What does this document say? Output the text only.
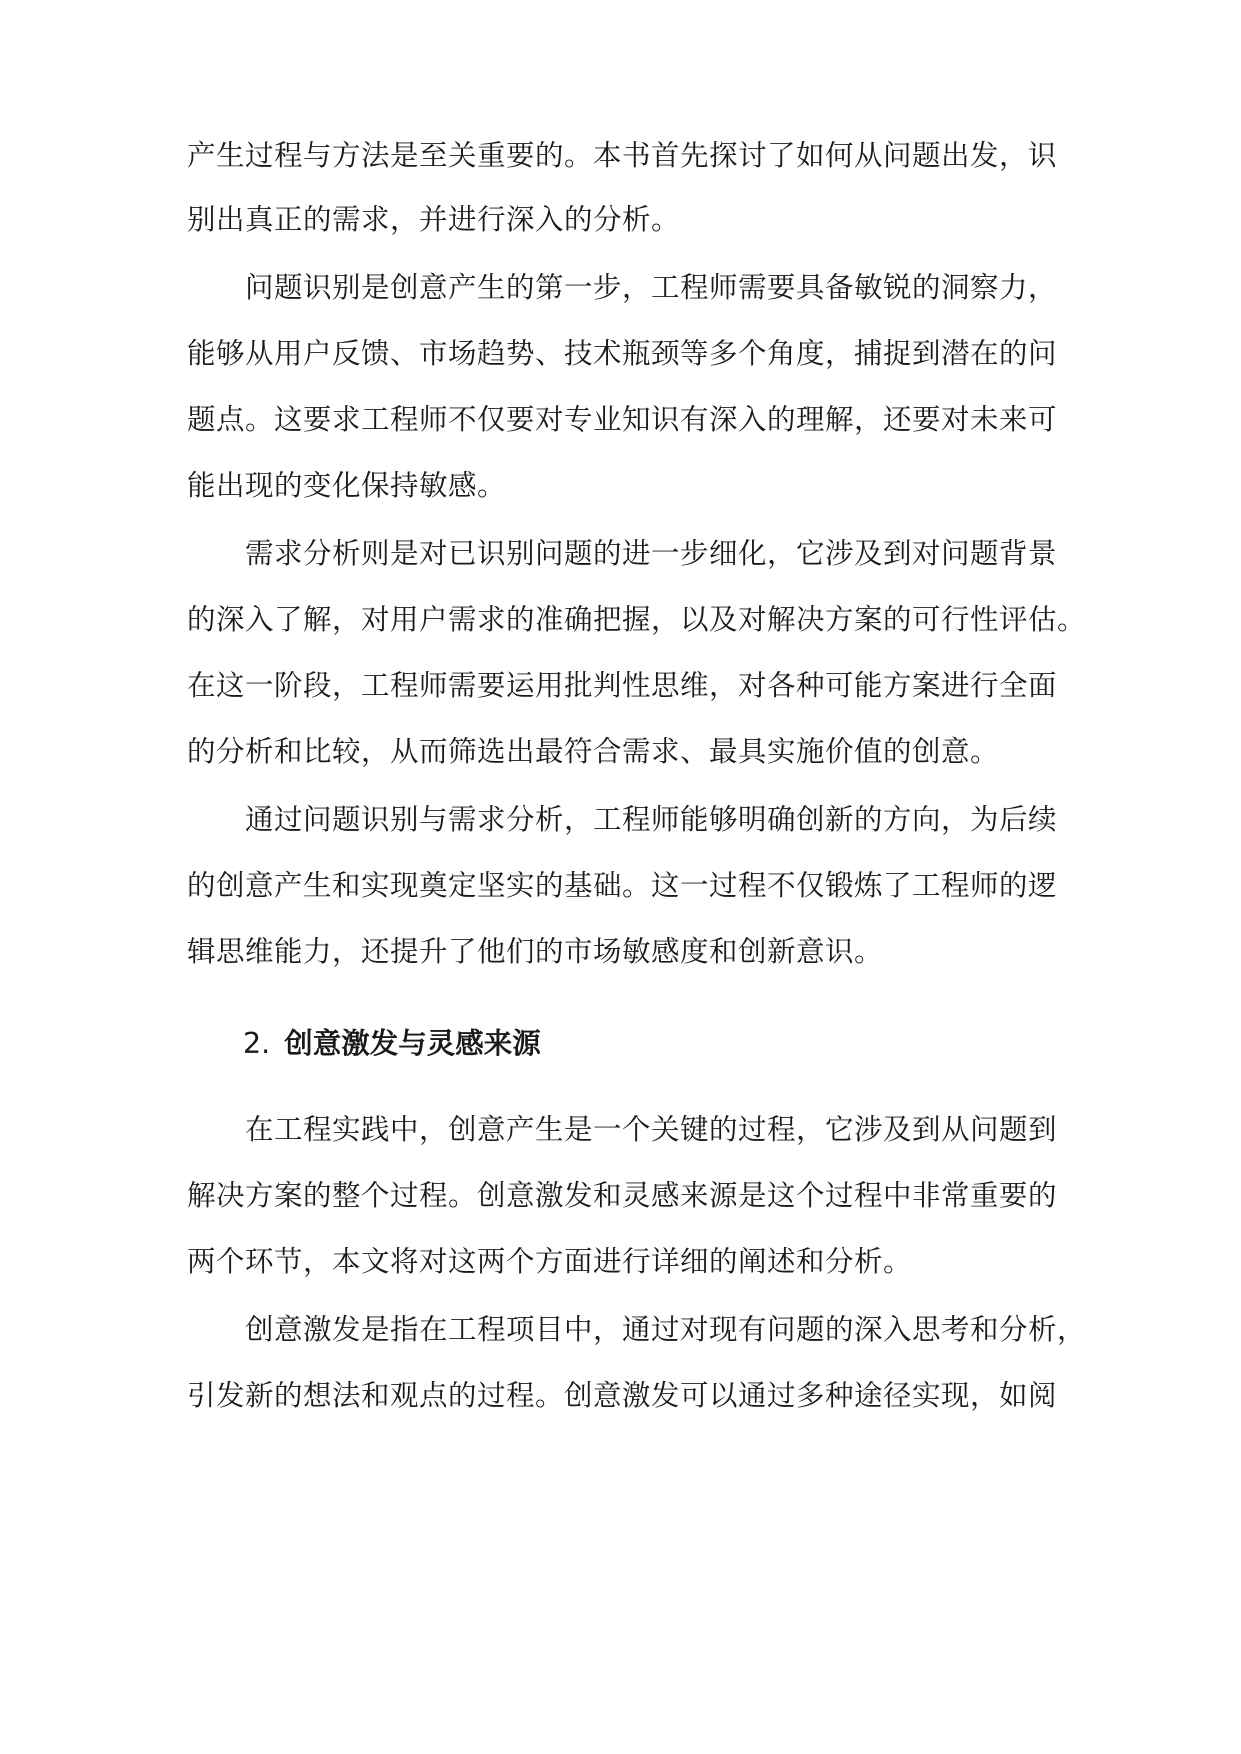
产生过程与方法是至关重要的。本书首先探讨了如何从问题出发，识
别出真正的需求，并进行深入的分析。
问题识别是创意产生的第一步，工程师需要具备敏锐的洞察力，
能够从用户反馈、市场趋势、技术瓶颈等多个角度，捕捉到潜在的问
题点。这要求工程师不仅要对专业知识有深入的理解，还要对未来可
能出现的变化保持敏感。
需求分析则是对已识别问题的进一步细化，它涉及到对问题背景
的深入了解，对用户需求的准确把握，以及对解决方案的可行性评估。
在这一阶段，工程师需要运用批判性思维，对各种可能方案进行全面
的分析和比较，从而筛选出最符合需求、最具实施价值的创意。
通过问题识别与需求分析，工程师能够明确创新的方向，为后续
的创意产生和实现奠定坚实的基础。这一过程不仅锻炼了工程师的逻
辑思维能力，还提升了他们的市场敏感度和创新意识。
2. 创意激发与灵感来源
在工程实践中，创意产生是一个关键的过程，它涉及到从问题到
解决方案的整个过程。创意激发和灵感来源是这个过程中非常重要的
两个环节，本文将对这两个方面进行详细的阐述和分析。
创意激发是指在工程项目中，通过对现有问题的深入思考和分析，
引发新的想法和观点的过程。创意激发可以通过多种途径实现，如阅
